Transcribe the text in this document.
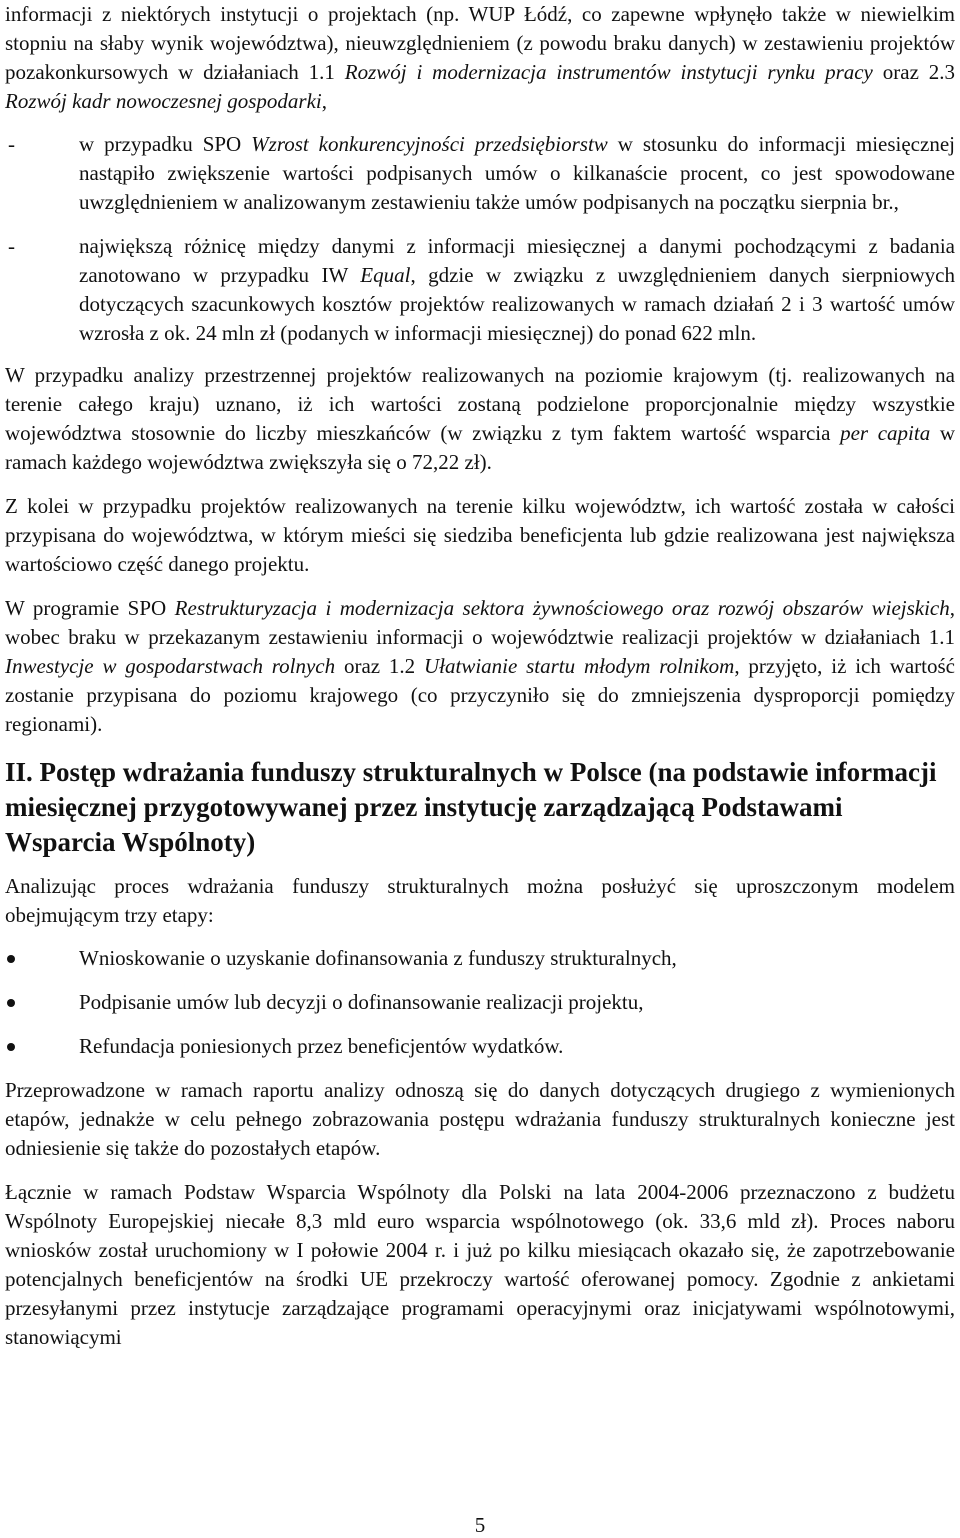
informacji z niektórych instytucji o projektach (np. WUP Łódź, co zapewne wpłynęło także w niewielkim stopniu na słaby wynik województwa), nieuwzględnieniem (z powodu braku danych) w zestawieniu projektów pozakonkursowych w działaniach 1.1 Rozwój i modernizacja instrumentów instytucji rynku pracy oraz 2.3 Rozwój kadr nowoczesnej gospodarki,

-	w przypadku SPO Wzrost konkurencyjności przedsiębiorstw w stosunku do informacji miesięcznej nastąpiło zwiększenie wartości podpisanych umów o kilkanaście procent, co jest spowodowane uwzględnieniem w analizowanym zestawieniu także umów podpisanych na początku sierpnia br.,

-	największą różnicę między danymi z informacji miesięcznej a danymi pochodzącymi z badania zanotowano w przypadku IW Equal, gdzie w związku z uwzględnieniem danych sierpniowych dotyczących szacunkowych kosztów projektów realizowanych w ramach działań 2 i 3 wartość umów wzrosła z ok. 24 mln zł (podanych w informacji miesięcznej) do ponad 622 mln.

W przypadku analizy przestrzennej projektów realizowanych na poziomie krajowym (tj. realizowanych na terenie całego kraju) uznano, iż ich wartości zostaną podzielone proporcjonalnie między wszystkie województwa stosownie do liczby mieszkańców (w związku z tym faktem wartość wsparcia per capita w ramach każdego województwa zwiększyła się o 72,22 zł).

Z kolei w przypadku projektów realizowanych na terenie kilku województw, ich wartość została w całości przypisana do województwa, w którym mieści się siedziba beneficjenta lub gdzie realizowana jest największa wartościowo część danego projektu.

W programie SPO Restrukturyzacja i modernizacja sektora żywnościowego oraz rozwój obszarów wiejskich, wobec braku w przekazanym zestawieniu informacji o województwie realizacji projektów w działaniach 1.1 Inwestycje w gospodarstwach rolnych oraz 1.2 Ułatwianie startu młodym rolnikom, przyjęto, iż ich wartość zostanie przypisana do poziomu krajowego (co przyczyniło się do zmniejszenia dysproporcji pomiędzy regionami).

II. Postęp wdrażania funduszy strukturalnych w Polsce (na podstawie informacji miesięcznej przygotowywanej przez instytucję zarządzającą Podstawami Wsparcia Wspólnoty)

Analizując proces wdrażania funduszy strukturalnych można posłużyć się uproszczonym modelem obejmującym trzy etapy:

Wnioskowanie o uzyskanie dofinansowania z funduszy strukturalnych,
Podpisanie umów lub decyzji o dofinansowanie realizacji projektu,
Refundacja poniesionych przez beneficjentów wydatków.

Przeprowadzone w ramach raportu analizy odnoszą się do danych dotyczących drugiego z wymienionych etapów, jednakże w celu pełnego zobrazowania postępu wdrażania funduszy strukturalnych konieczne jest odniesienie się także do pozostałych etapów.

Łącznie w ramach Podstaw Wsparcia Wspólnoty dla Polski na lata 2004-2006 przeznaczono z budżetu Wspólnoty Europejskiej niecałe 8,3 mld euro wsparcia wspólnotowego (ok. 33,6 mld zł). Proces naboru wniosków został uruchomiony w I połowie 2004 r. i już po kilku miesiącach okazało się, że zapotrzebowanie potencjalnych beneficjentów na środki UE przekroczy wartość oferowanej pomocy. Zgodnie z ankietami przesyłanymi przez instytucje zarządzające programami operacyjnymi oraz inicjatywami wspólnotowymi, stanowiącymi

5
